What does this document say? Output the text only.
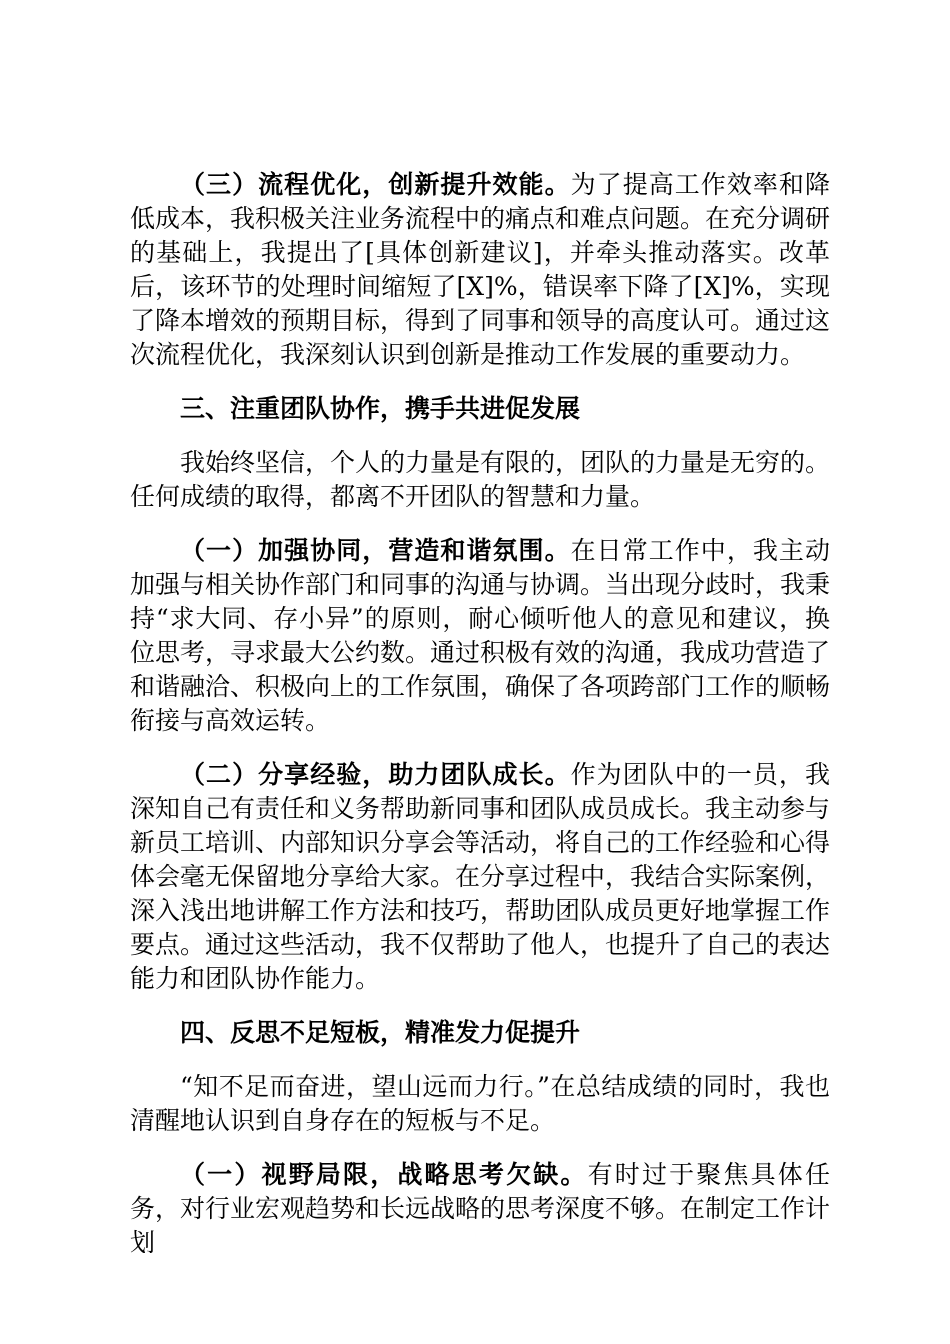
（三）流程优化，创新提升效能。为了提高工作效率和降低成本，我积极关注业务流程中的痛点和难点问题。在充分调研的基础上，我提出了[具体创新建议]，并牵头推动落实。改革后，该环节的处理时间缩短了[X]%，错误率下降了[X]%，实现了降本增效的预期目标，得到了同事和领导的高度认可。通过这次流程优化，我深刻认识到创新是推动工作发展的重要动力。

三、注重团队协作，携手共进促发展

我始终坚信，个人的力量是有限的，团队的力量是无穷的。任何成绩的取得，都离不开团队的智慧和力量。

（一）加强协同，营造和谐氛围。在日常工作中，我主动加强与相关协作部门和同事的沟通与协调。当出现分歧时，我秉持“求大同、存小异”的原则，耐心倾听他人的意见和建议，换位思考，寻求最大公约数。通过积极有效的沟通，我成功营造了和谐融洽、积极向上的工作氛围，确保了各项跨部门工作的顺畅衔接与高效运转。

（二）分享经验，助力团队成长。作为团队中的一员，我深知自己有责任和义务帮助新同事和团队成员成长。我主动参与新员工培训、内部知识分享会等活动，将自己的工作经验和心得体会毫无保留地分享给大家。在分享过程中，我结合实际案例，深入浅出地讲解工作方法和技巧，帮助团队成员更好地掌握工作要点。通过这些活动，我不仅帮助了他人，也提升了自己的表达能力和团队协作能力。

四、反思不足短板，精准发力促提升

“知不足而奋进，望山远而力行。”在总结成绩的同时，我也清醒地认识到自身存在的短板与不足。

（一）视野局限，战略思考欠缺。有时过于聚焦具体任务，对行业宏观趋势和长远战略的思考深度不够。在制定工作计划
